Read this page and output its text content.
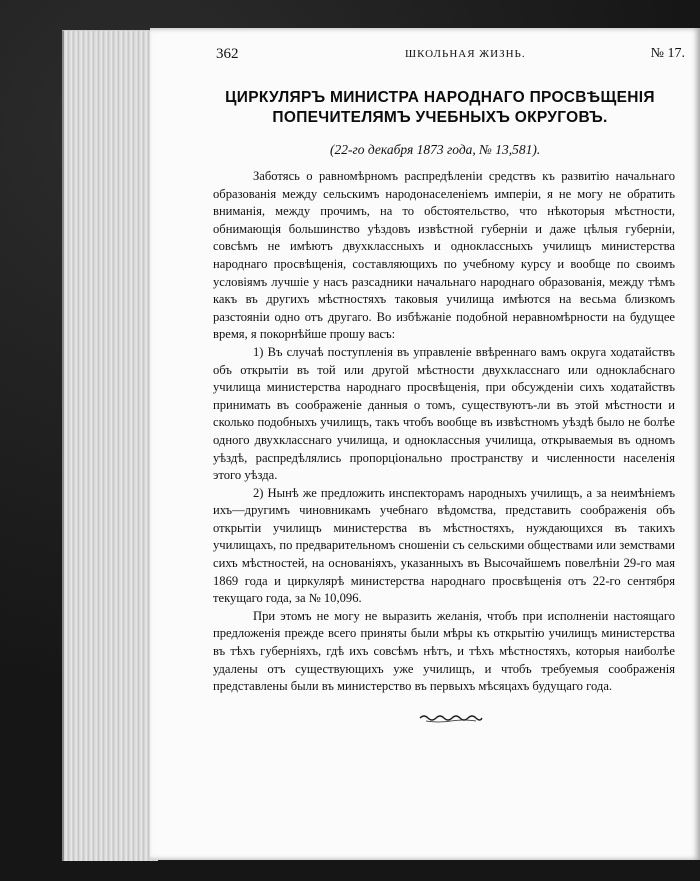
362	ШКОЛЬНАЯ ЖИЗНЬ.	№ 17.
ЦИРКУЛЯРЪ МИНИСТРА НАРОДНАГО ПРОСВѢЩЕНІЯ ПОПЕЧИТЕЛЯМЪ УЧЕБНЫХЪ ОКРУГОВЪ.
(22-го декабря 1873 года, № 13,581).

Заботясь о равномѣрномъ распредѣленіи средствъ къ развитію начальнаго образованія между сельскимъ народонаселеніемъ имперіи, я не могу не обратить вниманія, между прочимъ, на то обстоятельство, что нѣкоторыя мѣстности, обнимающія большинство уѣздовъ извѣстной губерніи и даже цѣлыя губерніи, совсѣмъ не имѣютъ двухклассныхъ и одноклассныхъ училищъ министерства народнаго просвѣщенія, составляющихъ по учебному курсу и вообще по своимъ условіямъ лучшіе у насъ разсадники начальнаго народнаго образованія, между тѣмъ какъ въ другихъ мѣстностяхъ таковыя училища имѣются на весьма близкомъ разстояніи одно отъ другаго. Во избѣжаніе подобной неравномѣрности на будущее время, я покорнѣйше прошу васъ:

1) Въ случаѣ поступленія въ управленіе ввѣреннаго вамъ округа ходатайствъ объ открытіи въ той или другой мѣстности двухкласснаго или одноклабснаго училища министерства народнаго просвѣщенія, при обсужденіи сихъ ходатайствъ принимать въ соображеніе данныя о томъ, существуютъ-ли въ этой мѣстности и сколько подобныхъ училищъ, такъ чтобъ вообще въ извѣстномъ уѣздѣ было не болѣе одного двухкласснаго училища, и одноклассныя училища, открываемыя въ одномъ уѣздѣ, распредѣлялись пропорціонально пространству и численности населенія этого уѣзда.

2) Нынѣ же предложить инспекторамъ народныхъ училищъ, а за неимѣніемъ ихъ—другимъ чиновникамъ учебнаго вѣдомства, представить соображенія объ открытіи училищъ министерства въ мѣстностяхъ, нуждающихся въ такихъ училищахъ, по предварительномъ сношеніи съ сельскими обществами или земствами сихъ мѣстностей, на основаніяхъ, указанныхъ въ Высочайшемъ повелѣніи 29-го мая 1869 года и циркулярѣ министерства народнаго просвѣщенія отъ 22-го сентября текущаго года, за № 10,096.

При этомъ не могу не выразить желанія, чтобъ при исполненіи настоящаго предложенія прежде всего приняты были мѣры къ открытію училищъ министерства въ тѣхъ губерніяхъ, гдѣ ихъ совсѣмъ нѣтъ, и тѣхъ мѣстностяхъ, которыя наиболѣе удалены отъ существующихъ уже училищъ, и чтобъ требуемыя соображенія представлены были въ министерство въ первыхъ мѣсяцахъ будущаго года.
